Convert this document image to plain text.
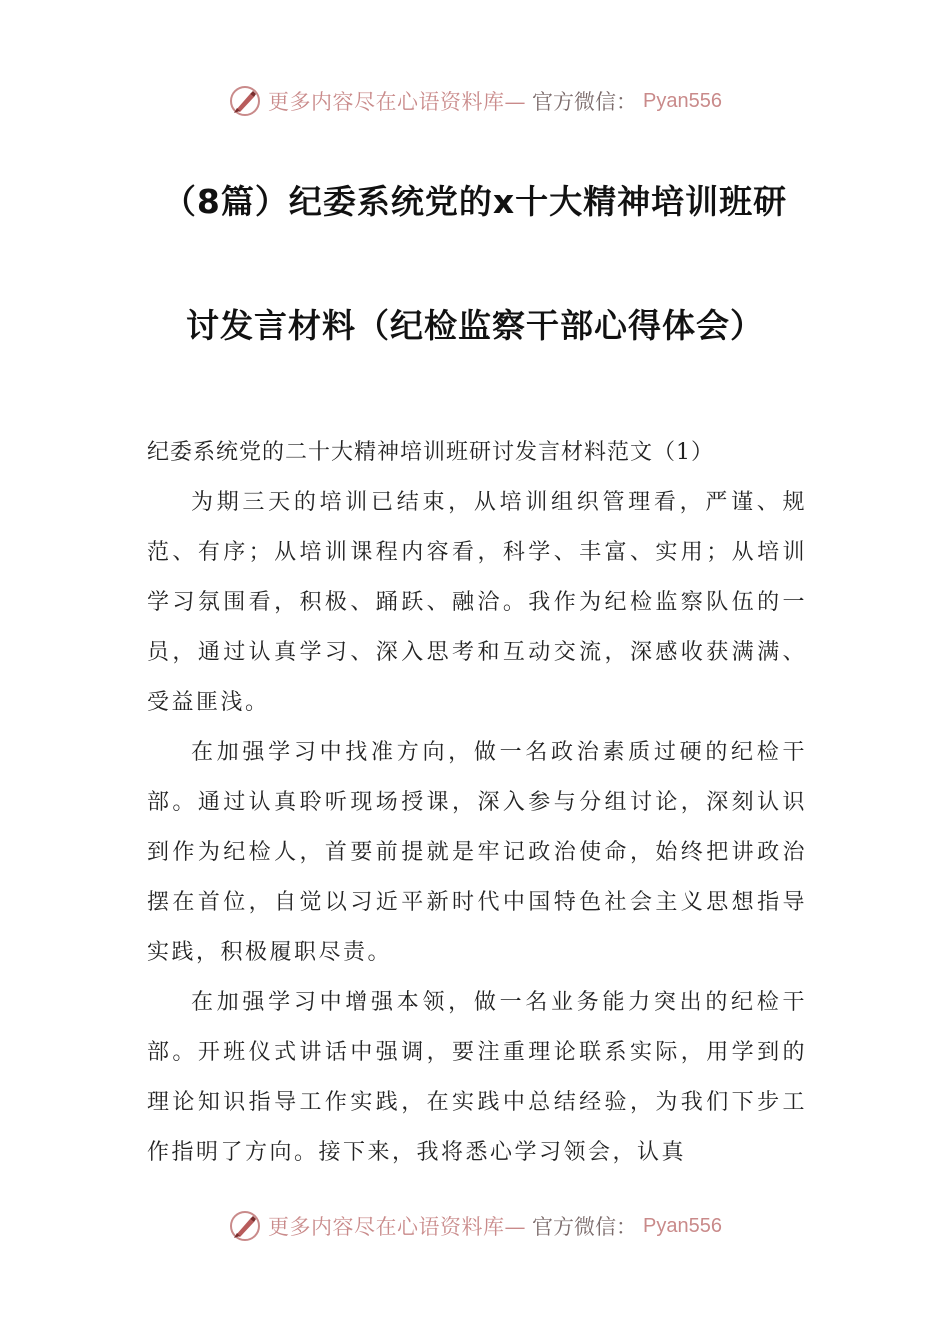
更多内容尽在心语资料库— 官方微信： Pyan556
（8篇）纪委系统党的x十大精神培训班研
讨发言材料（纪检监察干部心得体会）

纪委系统党的二十大精神培训班研讨发言材料范文（1）

为期三天的培训已结束，从培训组织管理看，严谨、规范、有序；从培训课程内容看，科学、丰富、实用；从培训学习氛围看，积极、踊跃、融洽。我作为纪检监察队伍的一员，通过认真学习、深入思考和互动交流，深感收获满满、受益匪浅。

在加强学习中找准方向，做一名政治素质过硬的纪检干部。通过认真聆听现场授课，深入参与分组讨论，深刻认识到作为纪检人，首要前提就是牢记政治使命，始终把讲政治摆在首位，自觉以习近平新时代中国特色社会主义思想指导实践，积极履职尽责。

在加强学习中增强本领，做一名业务能力突出的纪检干部。开班仪式讲话中强调，要注重理论联系实际，用学到的理论知识指导工作实践，在实践中总结经验，为我们下步工作指明了方向。接下来，我将悉心学习领会，认真

更多内容尽在心语资料库— 官方微信： Pyan556
